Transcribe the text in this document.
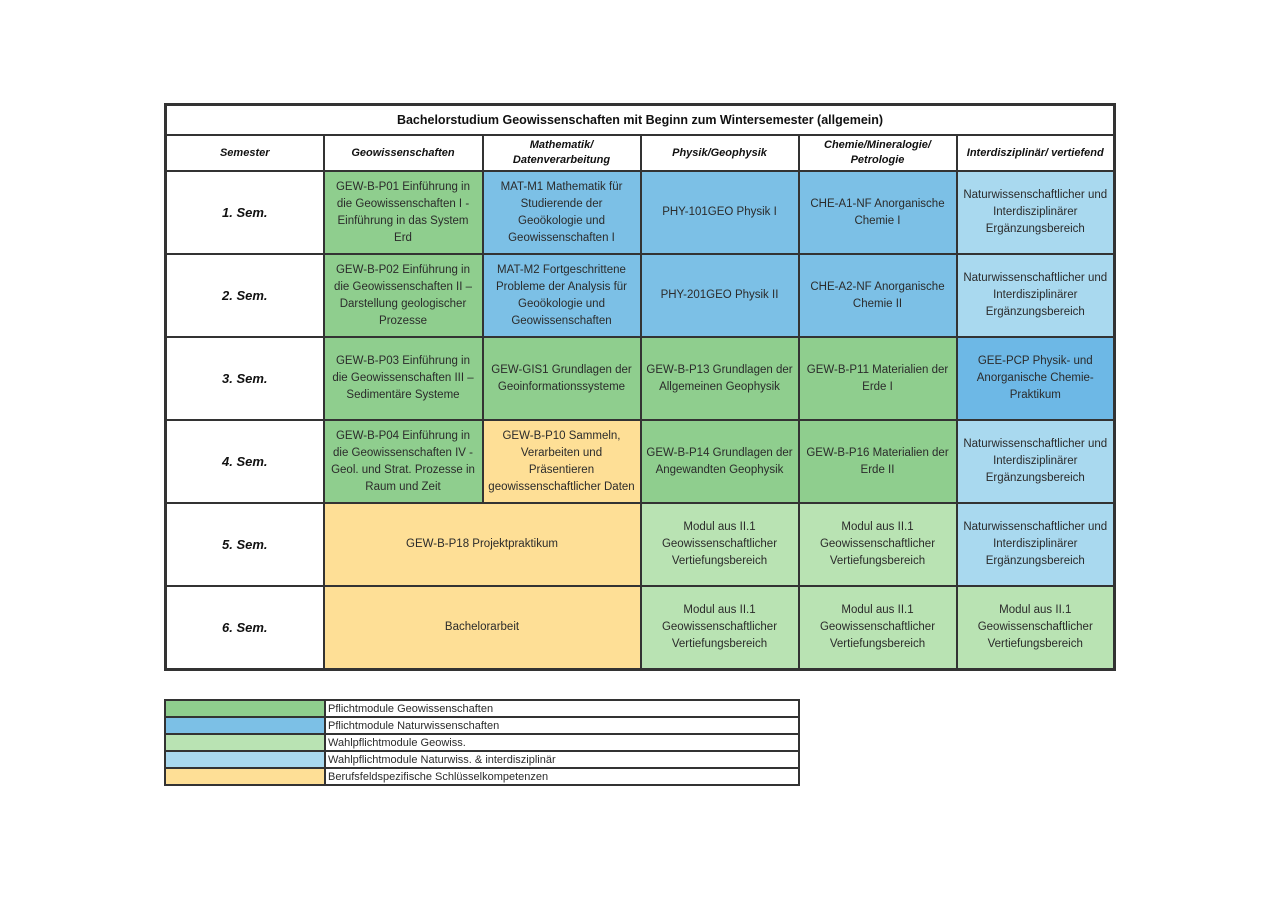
Bachelorstudium Geowissenschaften mit Beginn zum Wintersemester (allgemein)					
Semester	Geowissenschaften	Mathematik/ Datenverarbeitung	Physik/Geophysik	Chemie/Mineralogie/ Petrologie	Interdisziplinär/ vertiefend
1. Sem.	GEW-B-P01 Einführung in die Geowissenschaften I - Einführung in das System Erd	MAT-M1 Mathematik für Studierende der Geoökologie und Geowissenschaften I	PHY-101GEO Physik I	CHE-A1-NF Anorganische Chemie I	Naturwissenschaftlicher und Interdisziplinärer Ergänzungsbereich
2. Sem.	GEW-B-P02 Einführung in die Geowissenschaften II – Darstellung geologischer Prozesse	MAT-M2 Fortgeschrittene Probleme der Analysis für Geoökologie und Geowissenschaften	PHY-201GEO Physik II	CHE-A2-NF Anorganische Chemie II	Naturwissenschaftlicher und Interdisziplinärer Ergänzungsbereich
3. Sem.	GEW-B-P03 Einführung in die Geowissenschaften III – Sedimentäre Systeme	GEW-GIS1 Grundlagen der Geoinformationssysteme	GEW-B-P13 Grundlagen der Allgemeinen Geophysik	GEW-B-P11 Materialien der Erde I	GEE-PCP Physik- und Anorganische Chemie-Praktikum
4. Sem.	GEW-B-P04 Einführung in die Geowissenschaften IV - Geol. und Strat. Prozesse in Raum und Zeit	GEW-B-P10 Sammeln, Verarbeiten und Präsentieren geowissenschaftlicher Daten	GEW-B-P14 Grundlagen der Angewandten Geophysik	GEW-B-P16 Materialien der Erde II	Naturwissenschaftlicher und Interdisziplinärer Ergänzungsbereich
5. Sem.	GEW-B-P18 Projektpraktikum		Modul aus II.1 Geowissenschaftlicher Vertiefungsbereich	Modul aus II.1 Geowissenschaftlicher Vertiefungsbereich	Naturwissenschaftlicher und Interdisziplinärer Ergänzungsbereich
6. Sem.	Bachelorarbeit		Modul aus II.1 Geowissenschaftlicher Vertiefungsbereich	Modul aus II.1 Geowissenschaftlicher Vertiefungsbereich	Modul aus II.1 Geowissenschaftlicher Vertiefungsbereich
	Pflichtmodule Geowissenschaften
	Pflichtmodule Naturwissenschaften
	Wahlpflichtmodule Geowiss.
	Wahlpflichtmodule Naturwiss. & interdisziplinär
	Berufsfeldspezifische Schlüsselkompetenzen
